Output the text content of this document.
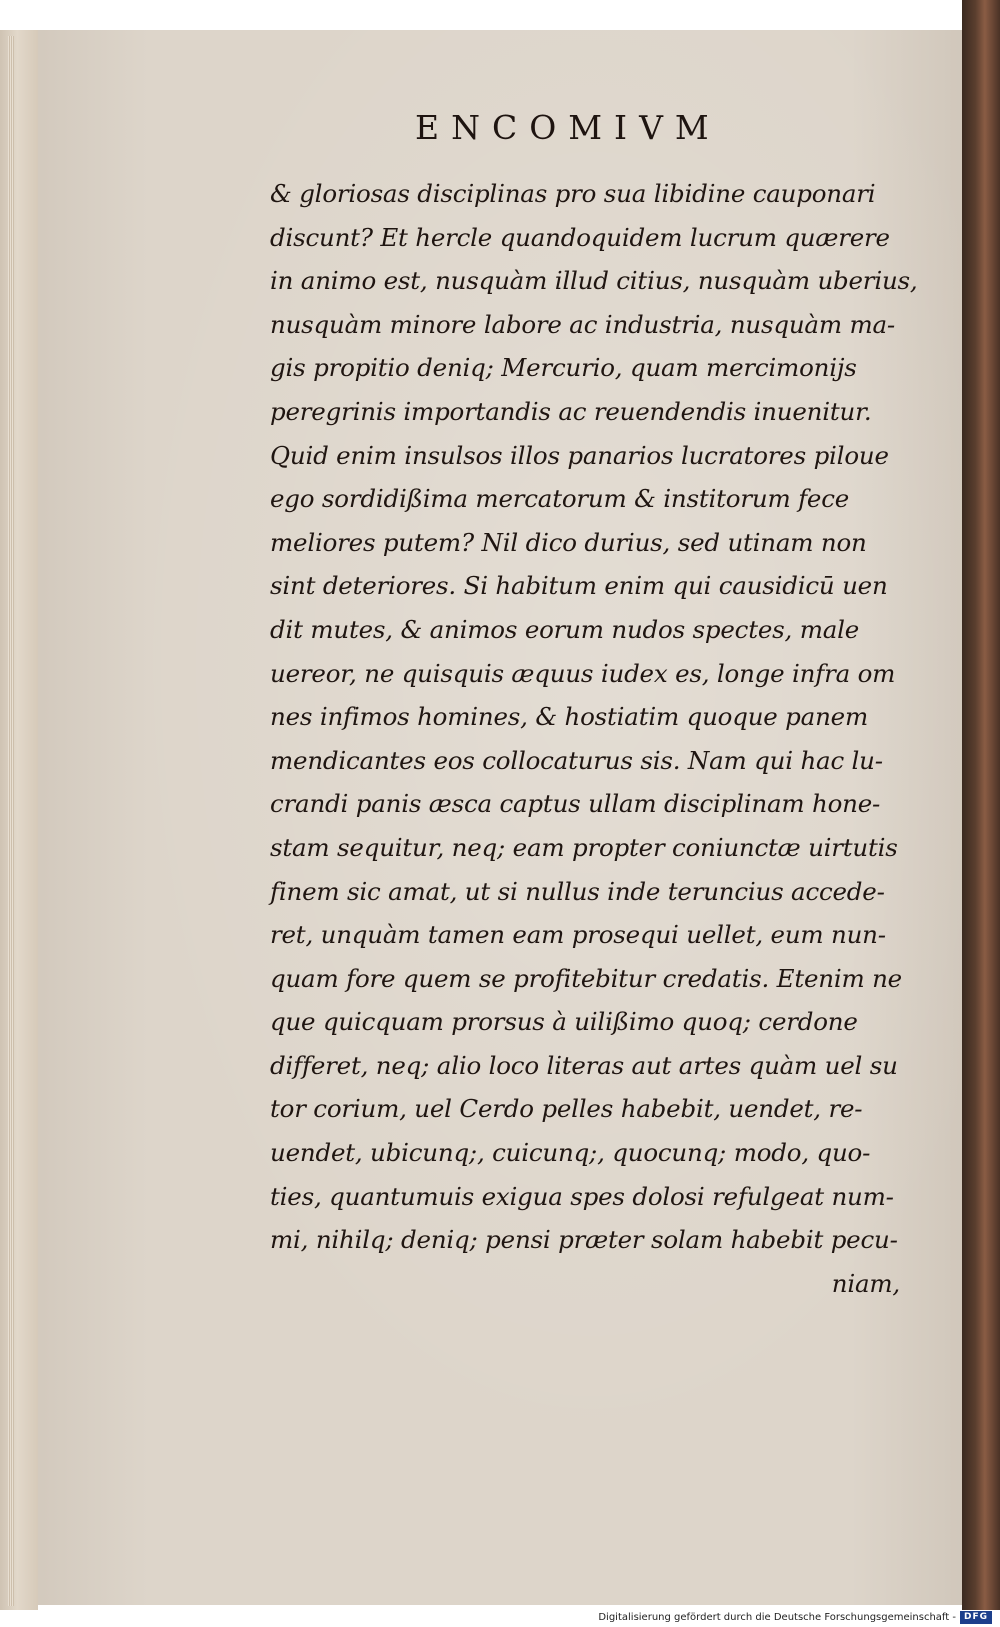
ENCOMIVM
& gloriosas disciplinas pro sua libidine cauponari
discunt? Et hercle quandoquidem lucrum quærere
in animo est, nusquàm illud citius, nusquàm uberius,
nusquàm minore labore ac industria, nusquàm ma-
gis propitio deniq; Mercurio, quam mercimonijs
peregrinis importandis ac reuendendis inuenitur.
Quid enim insulsos illos panarios lucratores piloue
ego sordidißima mercatorum & institorum fece
meliores putem? Nil dico durius, sed utinam non
sint deteriores. Si habitum enim qui causidicū uen
dit mutes, & animos eorum nudos spectes, male
uereor, ne quisquis æquus iudex es, longe infra om
nes infimos homines, & hostiatim quoque panem
mendicantes eos collocaturus sis. Nam qui hac lu-
crandi panis æsca captus ullam disciplinam hone-
stam sequitur, neq; eam propter coniunctæ uirtutis
finem sic amat, ut si nullus inde teruncius accede-
ret, unquàm tamen eam prosequi uellet, eum nun-
quam fore quem se profitebitur credatis. Etenim ne
que quicquam prorsus à uilißimo quoq; cerdone
differet, neq; alio loco literas aut artes quàm uel su
tor corium, uel Cerdo pelles habebit, uendet, re-
uendet, ubicunq;, cuicunq;, quocunq; modo, quo-
ties, quantumuis exigua spes dolosi refulgeat num-
mi, nihilq; deniq; pensi præter solam habebit pecu-
niam,
Digitalisierung gefördert durch die Deutsche Forschungsgemeinschaft - DFG
